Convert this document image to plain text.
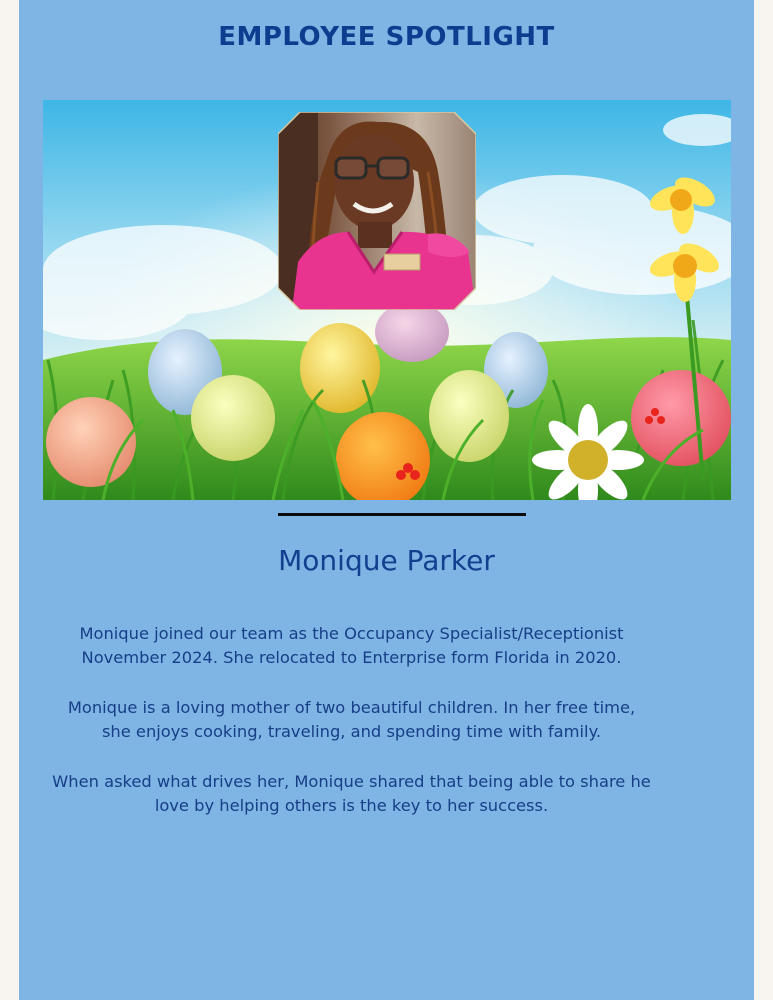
EMPLOYEE SPOTLIGHT
Monique Parker
Monique joined our team as the Occupancy Specialist/Receptionist
November 2024. She relocated to Enterprise form Florida in 2020.
Monique is a loving mother of two beautiful children. In her free time,
she enjoys cooking, traveling, and spending time with family.
When asked what drives her, Monique shared that being able to share he
love by helping others is the key to her success.
